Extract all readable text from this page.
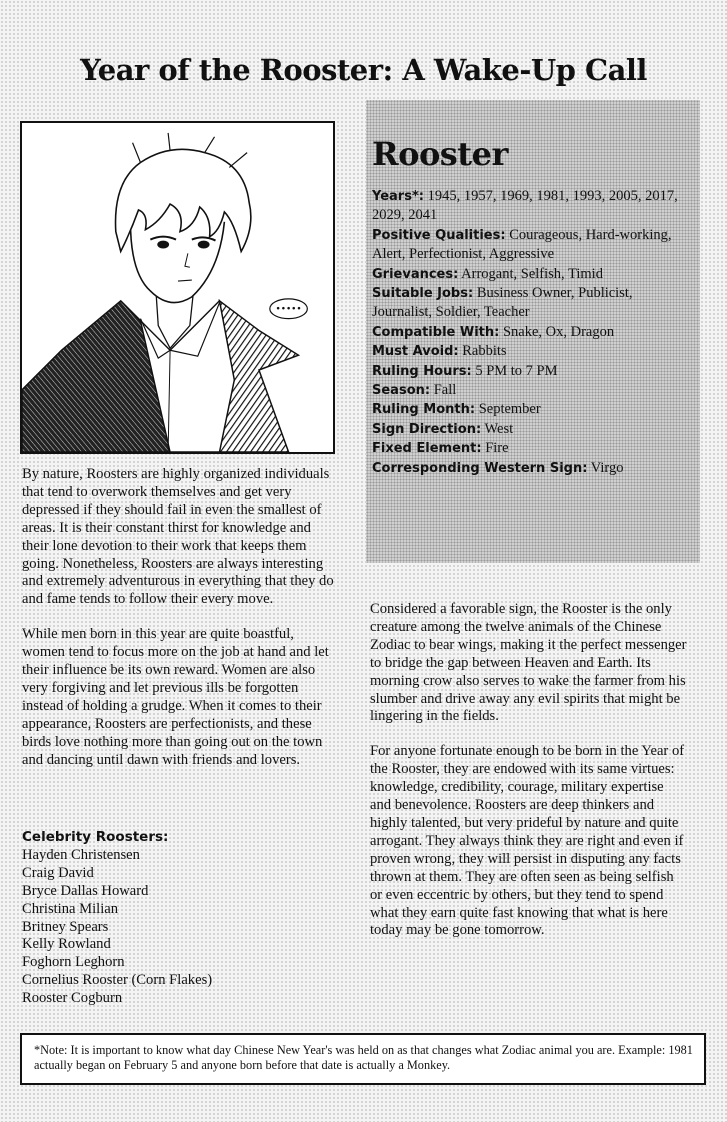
Year of the Rooster: A Wake-Up Call
•••••
Rooster

Years*: 1945, 1957, 1969, 1981, 1993, 2005, 2017, 2029, 2041

Positive Qualities: Courageous, Hard-working, Alert, Perfectionist, Aggressive

Grievances: Arrogant, Selfish, Timid

Suitable Jobs: Business Owner, Publicist, Journalist, Soldier, Teacher

Compatible With: Snake, Ox, Dragon

Must Avoid: Rabbits

Ruling Hours: 5 PM to 7 PM

Season: Fall

Ruling Month: September

Sign Direction: West

Fixed Element: Fire

Corresponding Western Sign: Virgo

By nature, Roosters are highly organized individuals that tend to overwork themselves and get very depressed if they should fail in even the smallest of areas. It is their constant thirst for knowledge and their lone devotion to their work that keeps them going. Nonetheless, Roosters are always interesting and extremely adventurous in everything that they do and fame tends to follow their every move.

While men born in this year are quite boastful, women tend to focus more on the job at hand and let their influence be its own reward. Women are also very forgiving and let previous ills be forgotten instead of holding a grudge. When it comes to their appearance, Roosters are perfectionists, and these birds love nothing more than going out on the town and dancing until dawn with friends and lovers.

Celebrity Roosters:
Hayden Christensen
Craig David
Bryce Dallas Howard
Christina Milian
Britney Spears
Kelly Rowland
Foghorn Leghorn
Cornelius Rooster (Corn Flakes)
Rooster Cogburn

Considered a favorable sign, the Rooster is the only creature among the twelve animals of the Chinese Zodiac to bear wings, making it the perfect messenger to bridge the gap between Heaven and Earth. Its morning crow also serves to wake the farmer from his slumber and drive away any evil spirits that might be lingering in the fields.

For anyone fortunate enough to be born in the Year of the Rooster, they are endowed with its same virtues: knowledge, credibility, courage, military expertise and benevolence. Roosters are deep thinkers and highly talented, but very prideful by nature and quite arrogant. They always think they are right and even if proven wrong, they will persist in disputing any facts thrown at them. They are often seen as being selfish or even eccentric by others, but they tend to spend what they earn quite fast knowing that what is here today may be gone tomorrow.

*Note: It is important to know what day Chinese New Year's was held on as that changes what Zodiac animal you are. Example: 1981 actually began on February 5 and anyone born before that date is actually a Monkey.
